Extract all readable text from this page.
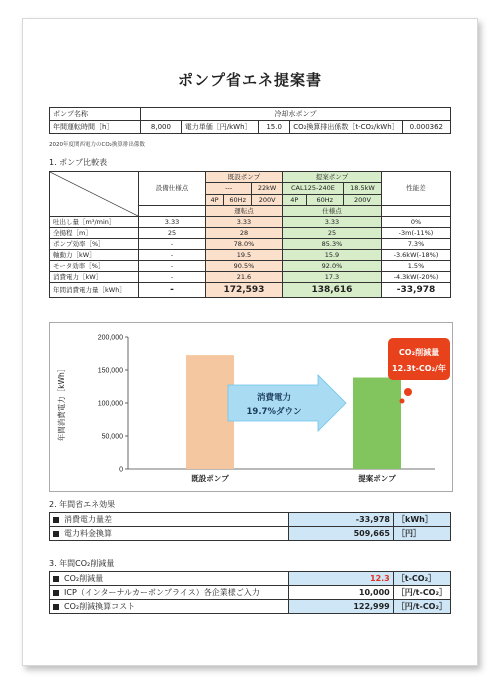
ポンプ省エネ提案書
ポンプ名称	冷却水ポンプ				
年間運転時間［h］	8,000	電力単価［円/kWh］	15.0	CO₂換算排出係数［t-CO₂/kWh］	0.000362
2020年度関西電力のCO₂換算排出係数
1. ポンプ比較表
	設備仕様点	既設ポンプ			提案ポンプ			性能差
		---		22kW	CAL125-240E		18.5kW	
		4P	60Hz	200V	4P	60Hz	200V	
		運転点			仕様点			
吐出し量［m³/min］	3.33	3.33			3.33			0%
全揚程［m］	25	28			25			-3m(-11%)
ポンプ効率［%］	-	78.0%			85.3%			7.3%
軸動力［kW］	-	19.5			15.9			-3.6kW(-18%)
モータ効率［%］	-	90.5%			92.0%			1.5%
消費電力［kW］	-	21.6			17.3			-4.3kW(-20%)
年間消費電力量［kWh］	-	172,593			138,616			-33,978
0
50,000
100,000
150,000
200,000
年間消費電力［kWh］
既設ポンプ	提案ポンプ
消費電力
19.7%ダウン
CO₂削減量
12.3t-CO₂/年
2. 年間省エネ効果
消費電力量差	-33,978	［kWh］
電力料金換算	509,665	［円］
3. 年間CO₂削減量
CO₂削減量	12.3	［t-CO₂］
ICP（インターナルカーボンプライス）各企業様ご入力	10,000	［円/t-CO₂］
CO₂削減換算コスト	122,999	［円/t-CO₂］
